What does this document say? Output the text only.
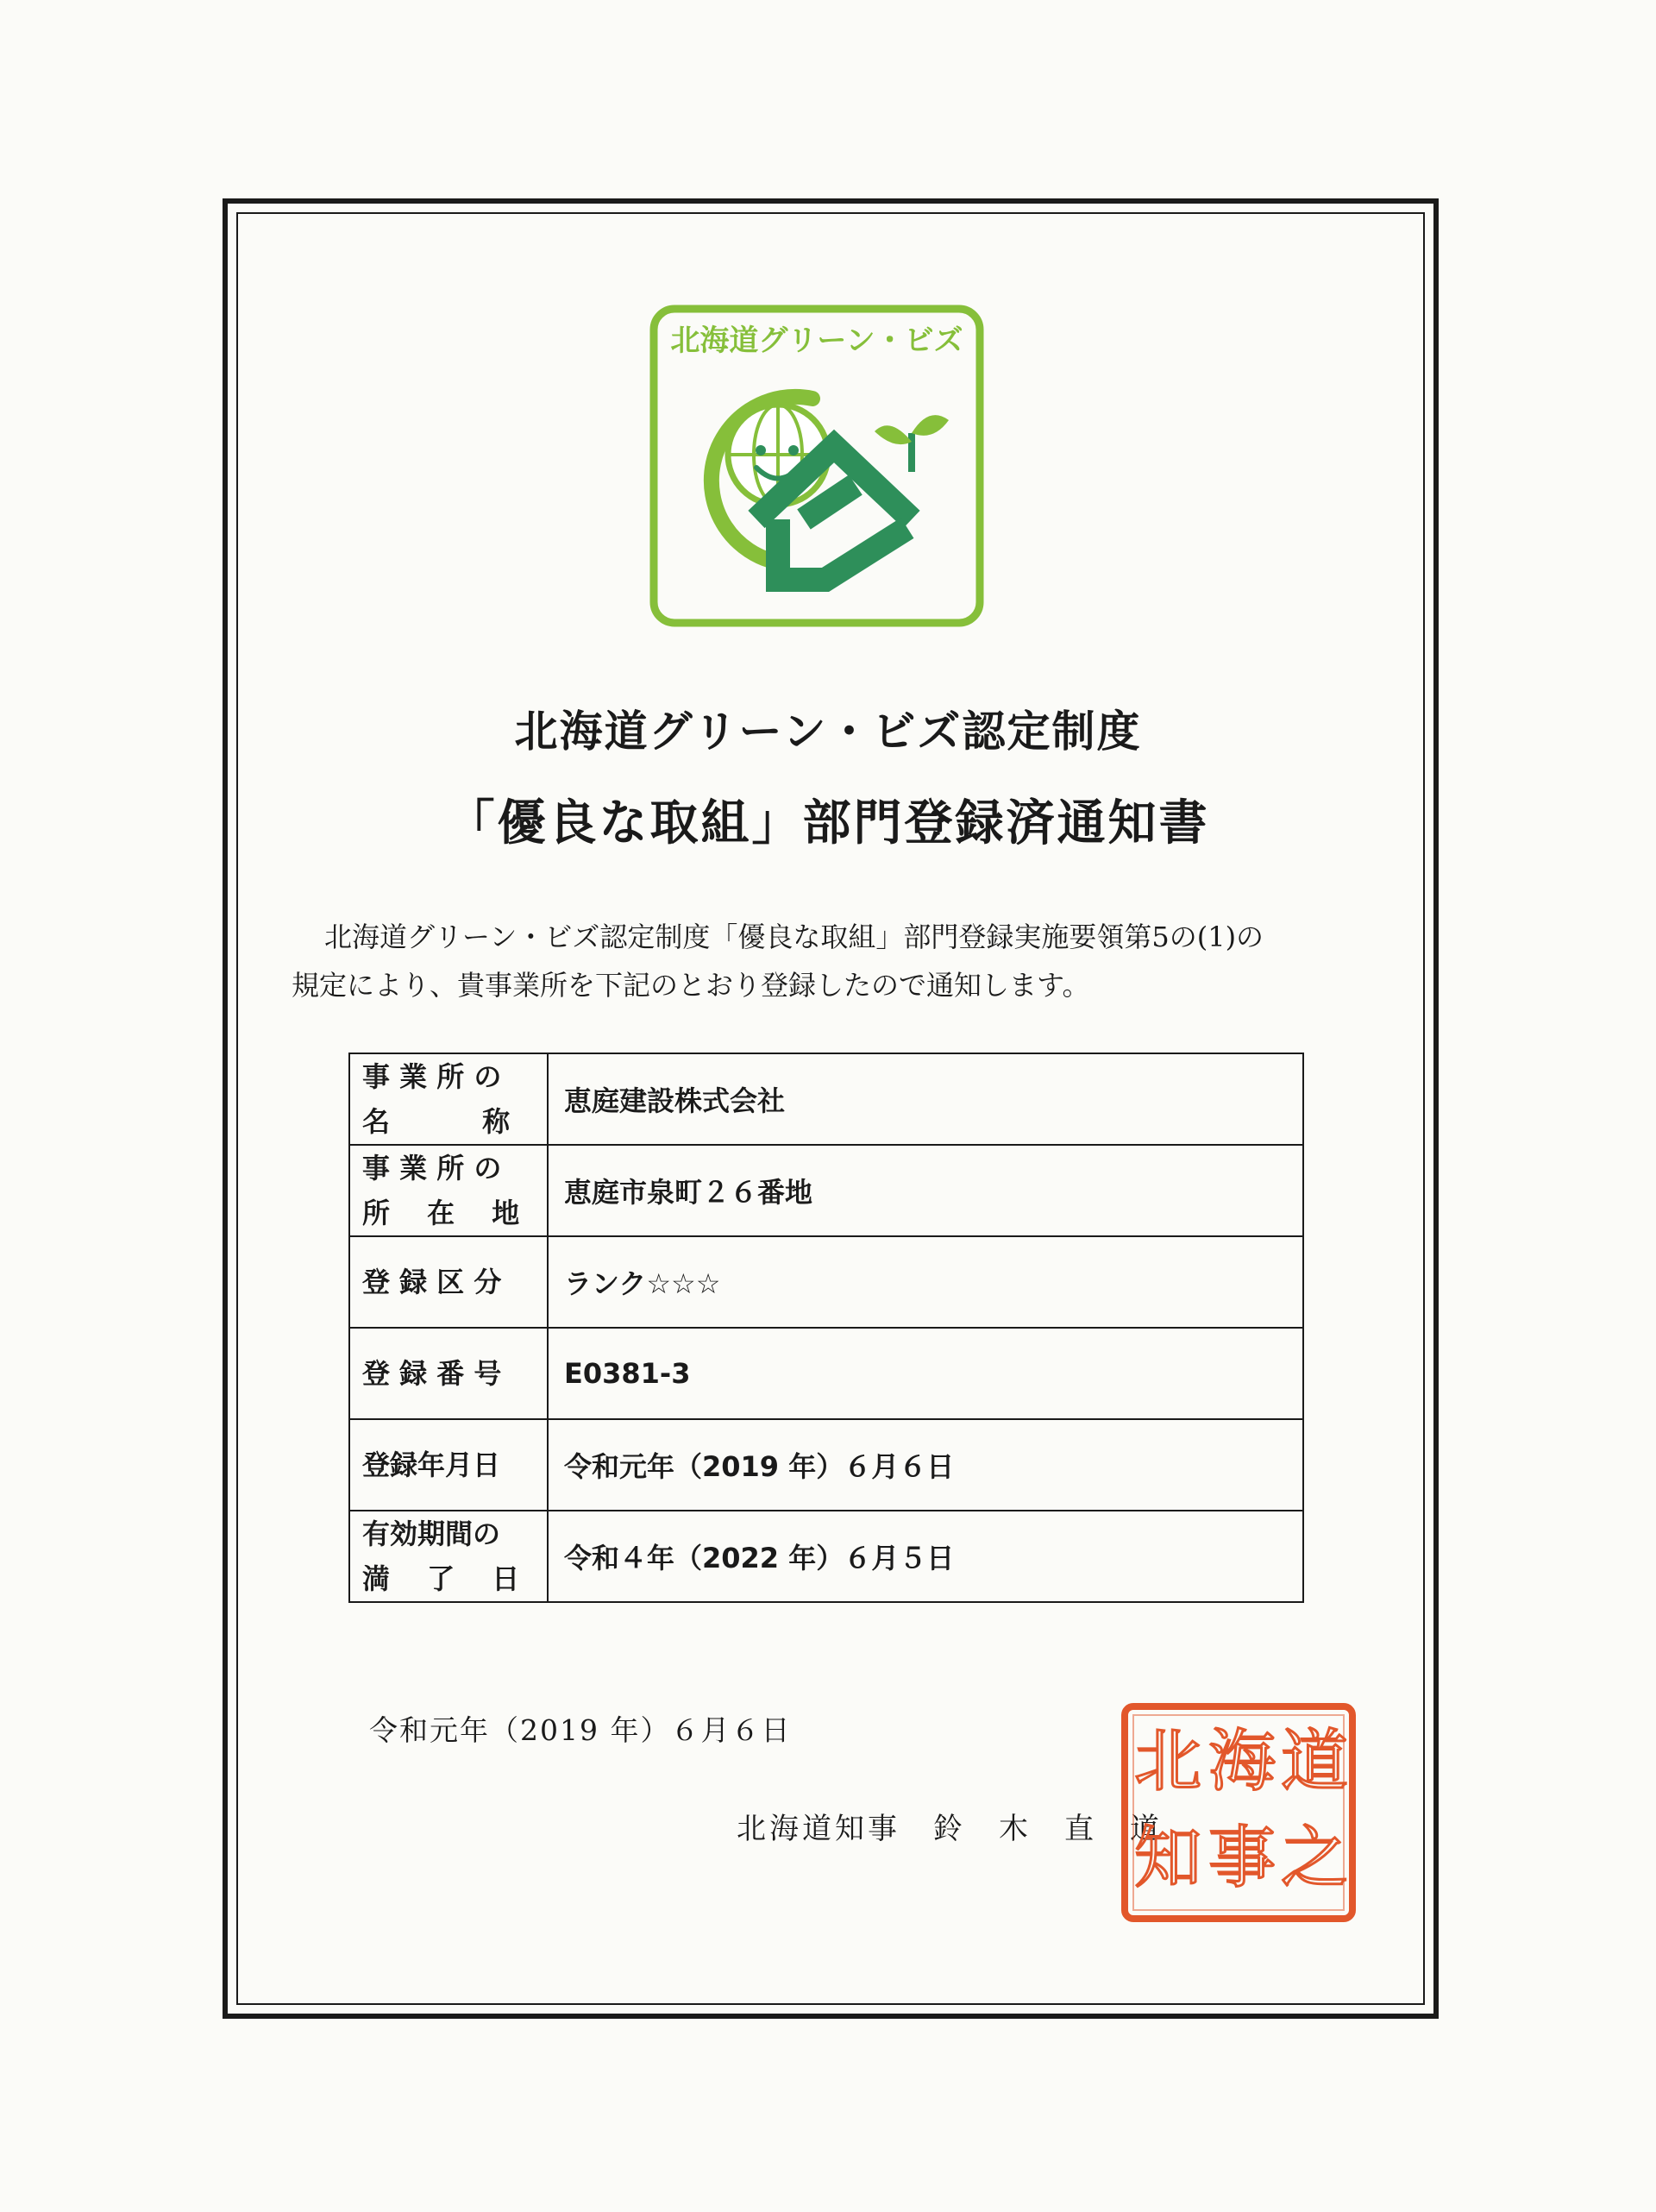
北海道グリーン・ビズ
北海道グリーン・ビズ認定制度
「優良な取組」部門登録済通知書
北海道グリーン・ビズ認定制度「優良な取組」部門登録実施要領第5の(1)の
規定により、貴事業所を下記のとおり登録したので通知します。
事 業 所 の
名　　　 称	恵庭建設株式会社

事 業 所 の
所　 在　 地	恵庭市泉町２６番地

登 録 区 分	ランク☆☆☆

登 録 番 号	E0381-3

登録年月日	令和元年（2019 年）６月６日

有効期間の
満　 了　 日	令和４年（2022 年）６月５日
令和元年（2019 年）６月６日
北海道知事　鈴　木　直　道
道
之
海
事
北
知
